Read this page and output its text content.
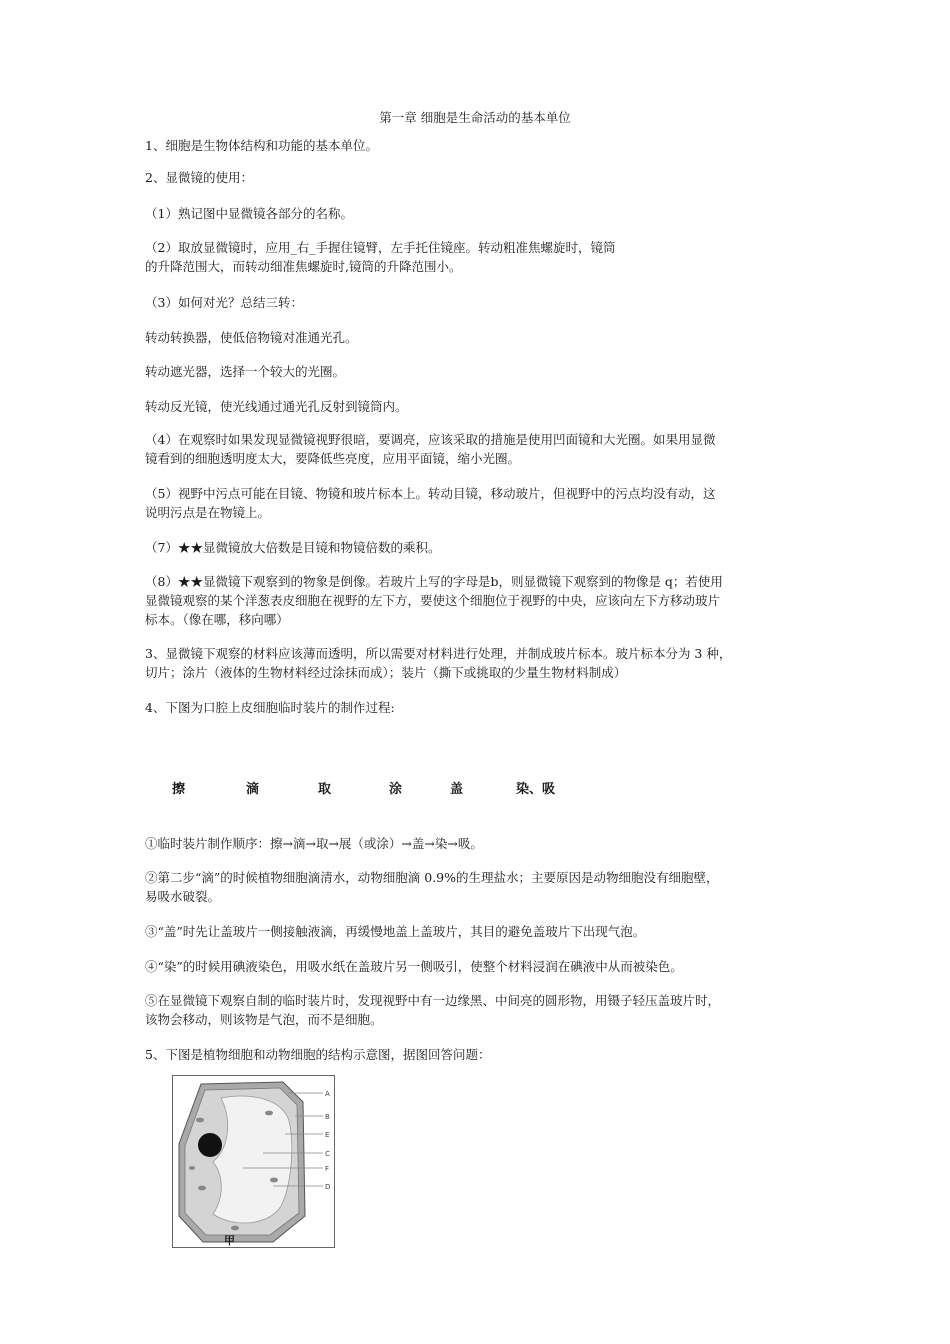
第一章 细胞是生命活动的基本单位

1、细胞是生物体结构和功能的基本单位。

2、显微镜的使用：

（1）熟记图中显微镜各部分的名称。

（2）取放显微镜时，应用_右_手握住镜臂，左手托住镜座。转动粗准焦螺旋时，镜筒

的升降范围大，而转动细准焦螺旋时,镜筒的升降范围小。

（3）如何对光？总结三转：

转动转换器，使低倍物镜对准通光孔。

转动遮光器，选择一个较大的光圈。

转动反光镜，使光线通过通光孔反射到镜筒内。

（4）在观察时如果发现显微镜视野很暗，要调亮，应该采取的措施是使用凹面镜和大光圈。如果用显微

镜看到的细胞透明度太大，要降低些亮度，应用平面镜，缩小光圈。

（5）视野中污点可能在目镜、物镜和玻片标本上。转动目镜，移动玻片，但视野中的污点均没有动，这

说明污点是在物镜上。

（7）★★显微镜放大倍数是目镜和物镜倍数的乘积。

（8）★★显微镜下观察到的物象是倒像。若玻片上写的字母是b，则显微镜下观察到的物像是 q；若使用

显微镜观察的某个洋葱表皮细胞在视野的左下方，要使这个细胞位于视野的中央，应该向左下方移动玻片

标本。（像在哪，移向哪）

3、显微镜下观察的材料应该薄而透明，所以需要对材料进行处理，并制成玻片标本。玻片标本分为 3 种，

切片；涂片（液体的生物材料经过涂抹而成）；装片（撕下或挑取的少量生物材料制成）

4、下图为口腔上皮细胞临时装片的制作过程:

①临时装片制作顺序：擦→滴→取→展（或涂）→盖→染→吸。

②第二步“滴”的时候植物细胞滴清水，动物细胞滴 0.9%的生理盐水；主要原因是动物细胞没有细胞壁，

易吸水破裂。

③“盖”时先让盖玻片一侧接触液滴，再缓慢地盖上盖玻片，其目的避免盖玻片下出现气泡。

④“染”的时候用碘液染色，用吸水纸在盖玻片另一侧吸引，使整个材料浸润在碘液中从而被染色。

⑤在显微镜下观察自制的临时装片时，发现视野中有一边缘黑、中间亮的圆形物，用镊子轻压盖玻片时，

该物会移动，则该物是气泡，而不是细胞。

5、下图是植物细胞和动物细胞的结构示意图，据图回答问题：

擦	滴	取	涂	盖	染、吸
A
B
E
C
F
D
甲
